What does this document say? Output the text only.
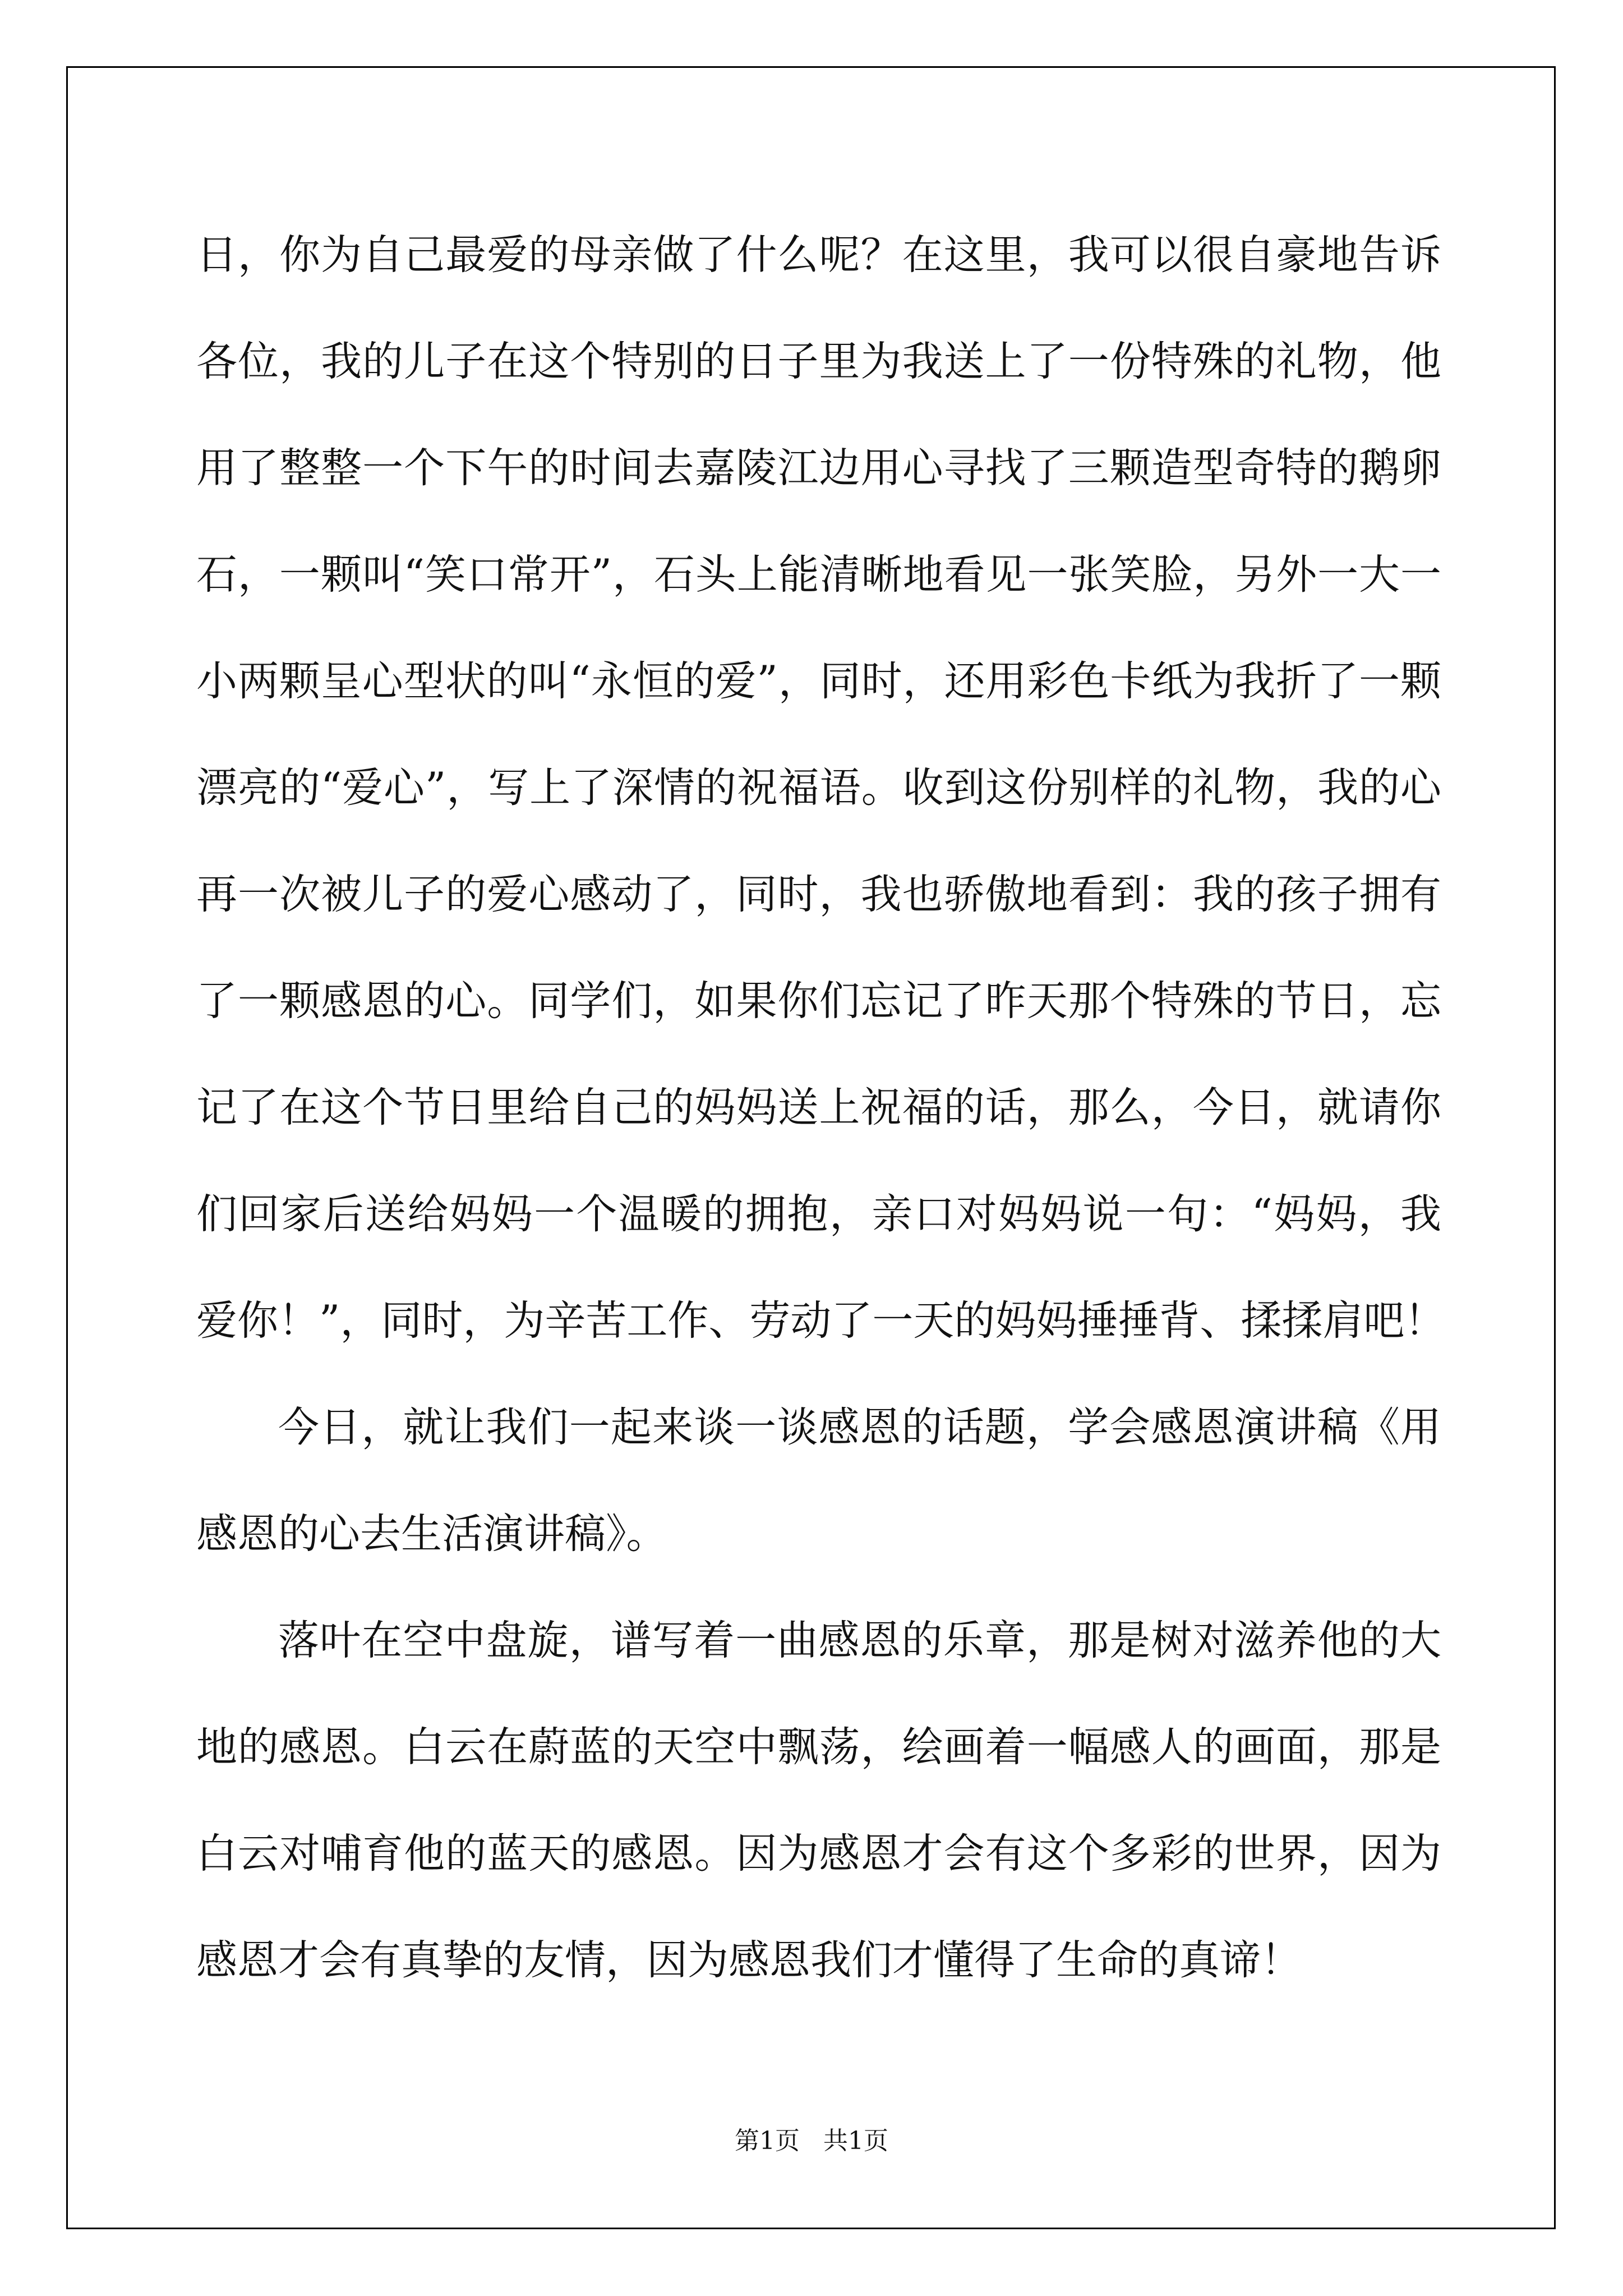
日，你为自己最爱的母亲做了什么呢？在这里，我可以很自豪地告诉
各位，我的儿子在这个特别的日子里为我送上了一份特殊的礼物，他
用了整整一个下午的时间去嘉陵江边用心寻找了三颗造型奇特的鹅卵
石，一颗叫“笑口常开”，石头上能清晰地看见一张笑脸，另外一大一
小两颗呈心型状的叫“永恒的爱”，同时，还用彩色卡纸为我折了一颗
漂亮的“爱心”，写上了深情的祝福语。收到这份别样的礼物，我的心
再一次被儿子的爱心感动了，同时，我也骄傲地看到：我的孩子拥有
了一颗感恩的心。同学们，如果你们忘记了昨天那个特殊的节日，忘
记了在这个节日里给自己的妈妈送上祝福的话，那么，今日，就请你
们回家后送给妈妈一个温暖的拥抱，亲口对妈妈说一句：“妈妈，我
爱你！”，同时，为辛苦工作、劳动了一天的妈妈捶捶背、揉揉肩吧！
今日，就让我们一起来谈一谈感恩的话题，学会感恩演讲稿《用
感恩的心去生活演讲稿》。
落叶在空中盘旋，谱写着一曲感恩的乐章，那是树对滋养他的大
地的感恩。白云在蔚蓝的天空中飘荡，绘画着一幅感人的画面，那是
白云对哺育他的蓝天的感恩。因为感恩才会有这个多彩的世界，因为
感恩才会有真挚的友情，因为感恩我们才懂得了生命的真谛！
第1页 共1页
